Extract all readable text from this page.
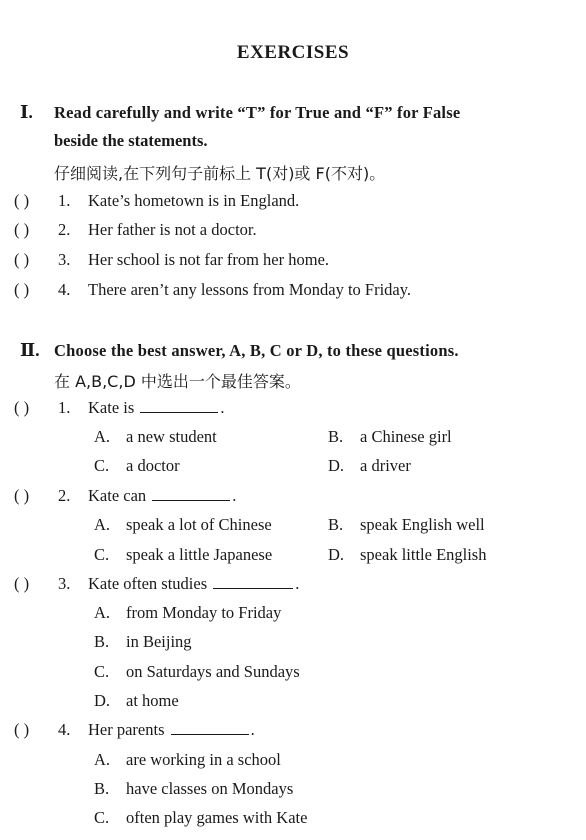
EXERCISES
Ⅰ. Read carefully and write “T” for True and “F” for False
beside the statements.
仔细阅读,在下列句子前标上 T(对)或 F(不对)。
( ) 1. Kate’s hometown is in England.
( ) 2. Her father is not a doctor.
( ) 3. Her school is not far from her home.
( ) 4. There aren’t any lessons from Monday to Friday.
Ⅱ. Choose the best answer, A, B, C or D, to these questions.
在 A,B,C,D 中选出一个最佳答案。
( ) 1. Kate is	.
A. a new student	B. a Chinese girl
C. a doctor	D. a driver
( ) 2. Kate can	.
A. speak a lot of Chinese	B. speak English well
C. speak a little Japanese	D. speak little English
( ) 3. Kate often studies	.
A. from Monday to Friday
B. in Beijing
C. on Saturdays and Sundays
D. at home
( ) 4. Her parents	.
A. are working in a school
B. have classes on Mondays
C. often play games with Kate
